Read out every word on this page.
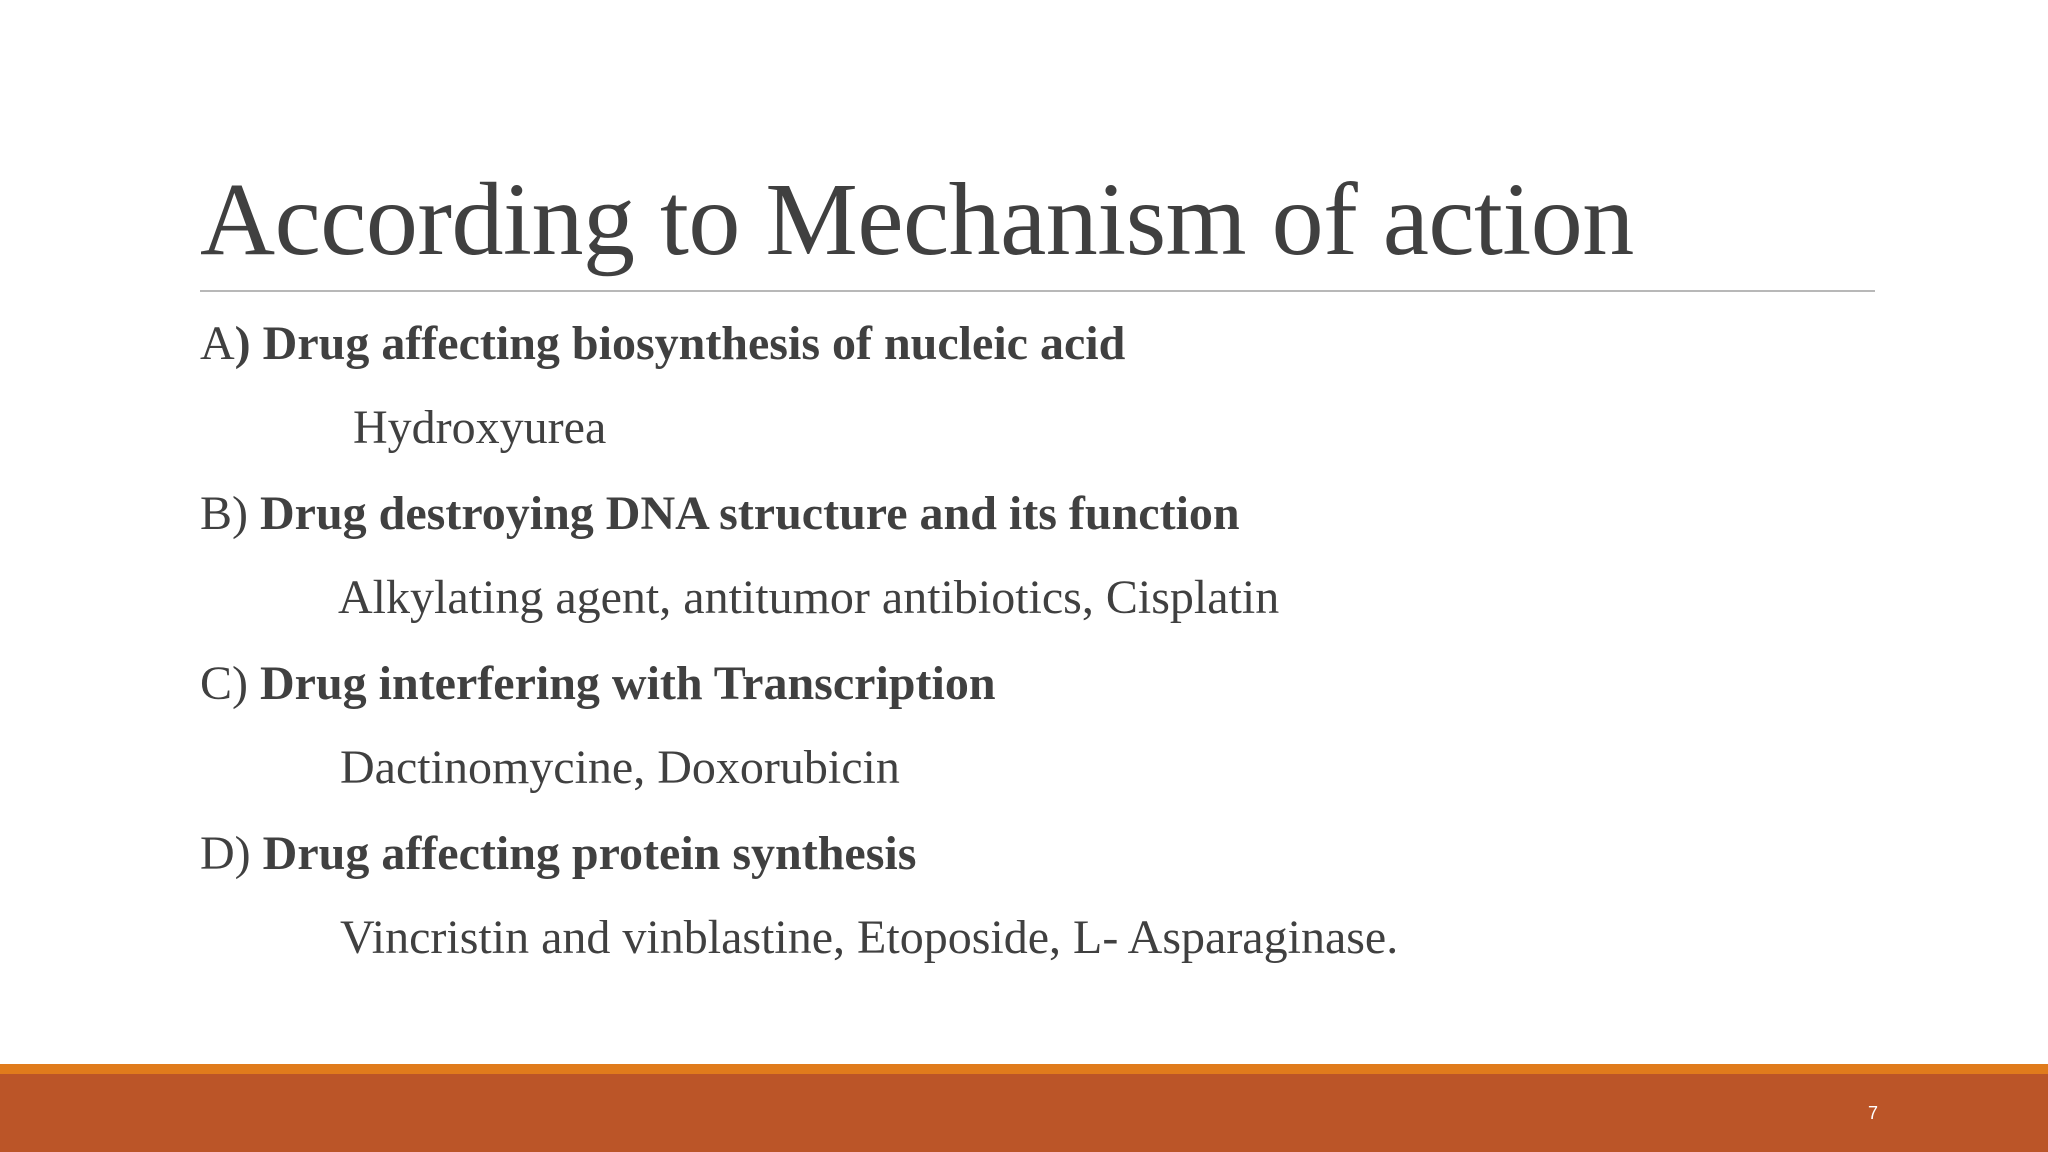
According to Mechanism of action
A) Drug affecting biosynthesis of nucleic acid
Hydroxyurea
B) Drug destroying DNA structure and its function
Alkylating agent, antitumor antibiotics, Cisplatin
C) Drug interfering with Transcription
Dactinomycine, Doxorubicin
D) Drug affecting protein synthesis
Vincristin and vinblastine, Etoposide, L- Asparaginase.
7
